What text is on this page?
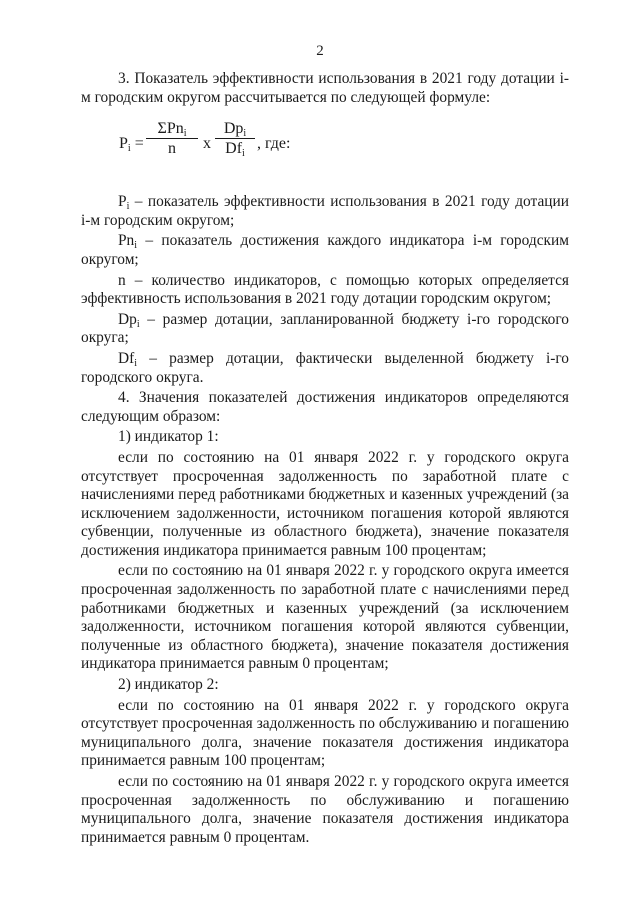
2

3. Показатель эффективности использования в 2021 году дотации i-м городским округом рассчитывается по следующей формуле:

$P_i$ =
ΣPn$_i$
n	x
$Dp_i$
$Df_i$
, где:

$P_i$ – показатель эффективности использования в 2021 году дотации i-м городским округом;

$Pn_i$ – показатель достижения каждого индикатора i-м городским округом;

n – количество индикаторов, с помощью которых определяется эффективность использования в 2021 году дотации городским округом;

$Dp_i$ – размер дотации, запланированной бюджету i-го городского округа;

$Df_i$ – размер дотации, фактически выделенной бюджету i-го городского округа.

4. Значения показателей достижения индикаторов определяются следующим образом:

1) индикатор 1:

если по состоянию на 01 января 2022 г. у городского округа отсутствует просроченная задолженность по заработной плате с начислениями перед работниками бюджетных и казенных учреждений (за исключением задолженности, источником погашения которой являются субвенции, полученные из областного бюджета), значение показателя достижения индикатора принимается равным 100 процентам;

если по состоянию на 01 января 2022 г. у городского округа имеется просроченная задолженность по заработной плате с начислениями перед работниками бюджетных и казенных учреждений (за исключением задолженности, источником погашения которой являются субвенции, полученные из областного бюджета), значение показателя достижения индикатора принимается равным 0 процентам;

2) индикатор 2:

если по состоянию на 01 января 2022 г. у городского округа отсутствует просроченная задолженность по обслуживанию и погашению муниципального долга, значение показателя достижения индикатора принимается равным 100 процентам;

если по состоянию на 01 января 2022 г. у городского округа имеется просроченная задолженность по обслуживанию и погашению муниципального долга, значение показателя достижения индикатора принимается равным 0 процентам.
